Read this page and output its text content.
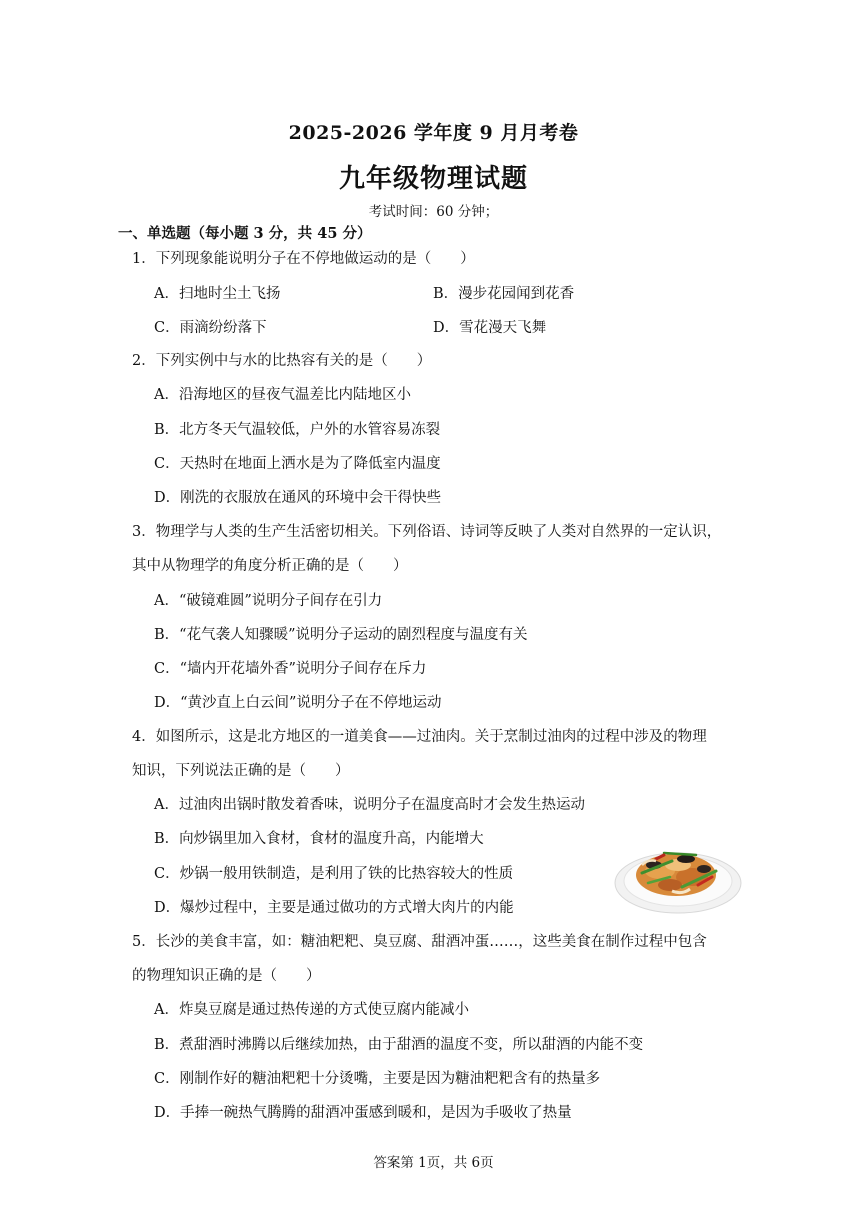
2025-2026 学年度 9 月月考卷
九年级物理试题
考试时间：60 分钟；
一、单选题（每小题 3 分，共 45 分）
1．下列现象能说明分子在不停地做运动的是（　　）
A．扫地时尘土飞扬	B．漫步花园闻到花香
C．雨滴纷纷落下	D．雪花漫天飞舞
2．下列实例中与水的比热容有关的是（　　）
A．沿海地区的昼夜气温差比内陆地区小
B．北方冬天气温较低，户外的水管容易冻裂
C．天热时在地面上洒水是为了降低室内温度
D．刚洗的衣服放在通风的环境中会干得快些
3．物理学与人类的生产生活密切相关。下列俗语、诗词等反映了人类对自然界的一定认识，
其中从物理学的角度分析正确的是（　　）
A．“破镜难圆”说明分子间存在引力
B．“花气袭人知骤暖”说明分子运动的剧烈程度与温度有关
C．“墙内开花墙外香”说明分子间存在斥力
D．“黄沙直上白云间”说明分子在不停地运动
4．如图所示，这是北方地区的一道美食——过油肉。关于烹制过油肉的过程中涉及的物理
知识，下列说法正确的是（　　）
A．过油肉出锅时散发着香味，说明分子在温度高时才会发生热运动
B．向炒锅里加入食材，食材的温度升高，内能增大
C．炒锅一般用铁制造，是利用了铁的比热容较大的性质
D．爆炒过程中，主要是通过做功的方式增大肉片的内能
5．长沙的美食丰富，如：糖油粑粑、臭豆腐、甜酒冲蛋……，这些美食在制作过程中包含
的物理知识正确的是（　　）
A．炸臭豆腐是通过热传递的方式使豆腐内能减小
B．煮甜酒时沸腾以后继续加热，由于甜酒的温度不变，所以甜酒的内能不变
C．刚制作好的糖油粑粑十分烫嘴，主要是因为糖油粑粑含有的热量多
D．手捧一碗热气腾腾的甜酒冲蛋感到暖和，是因为手吸收了热量
答案第 1页，共 6页
